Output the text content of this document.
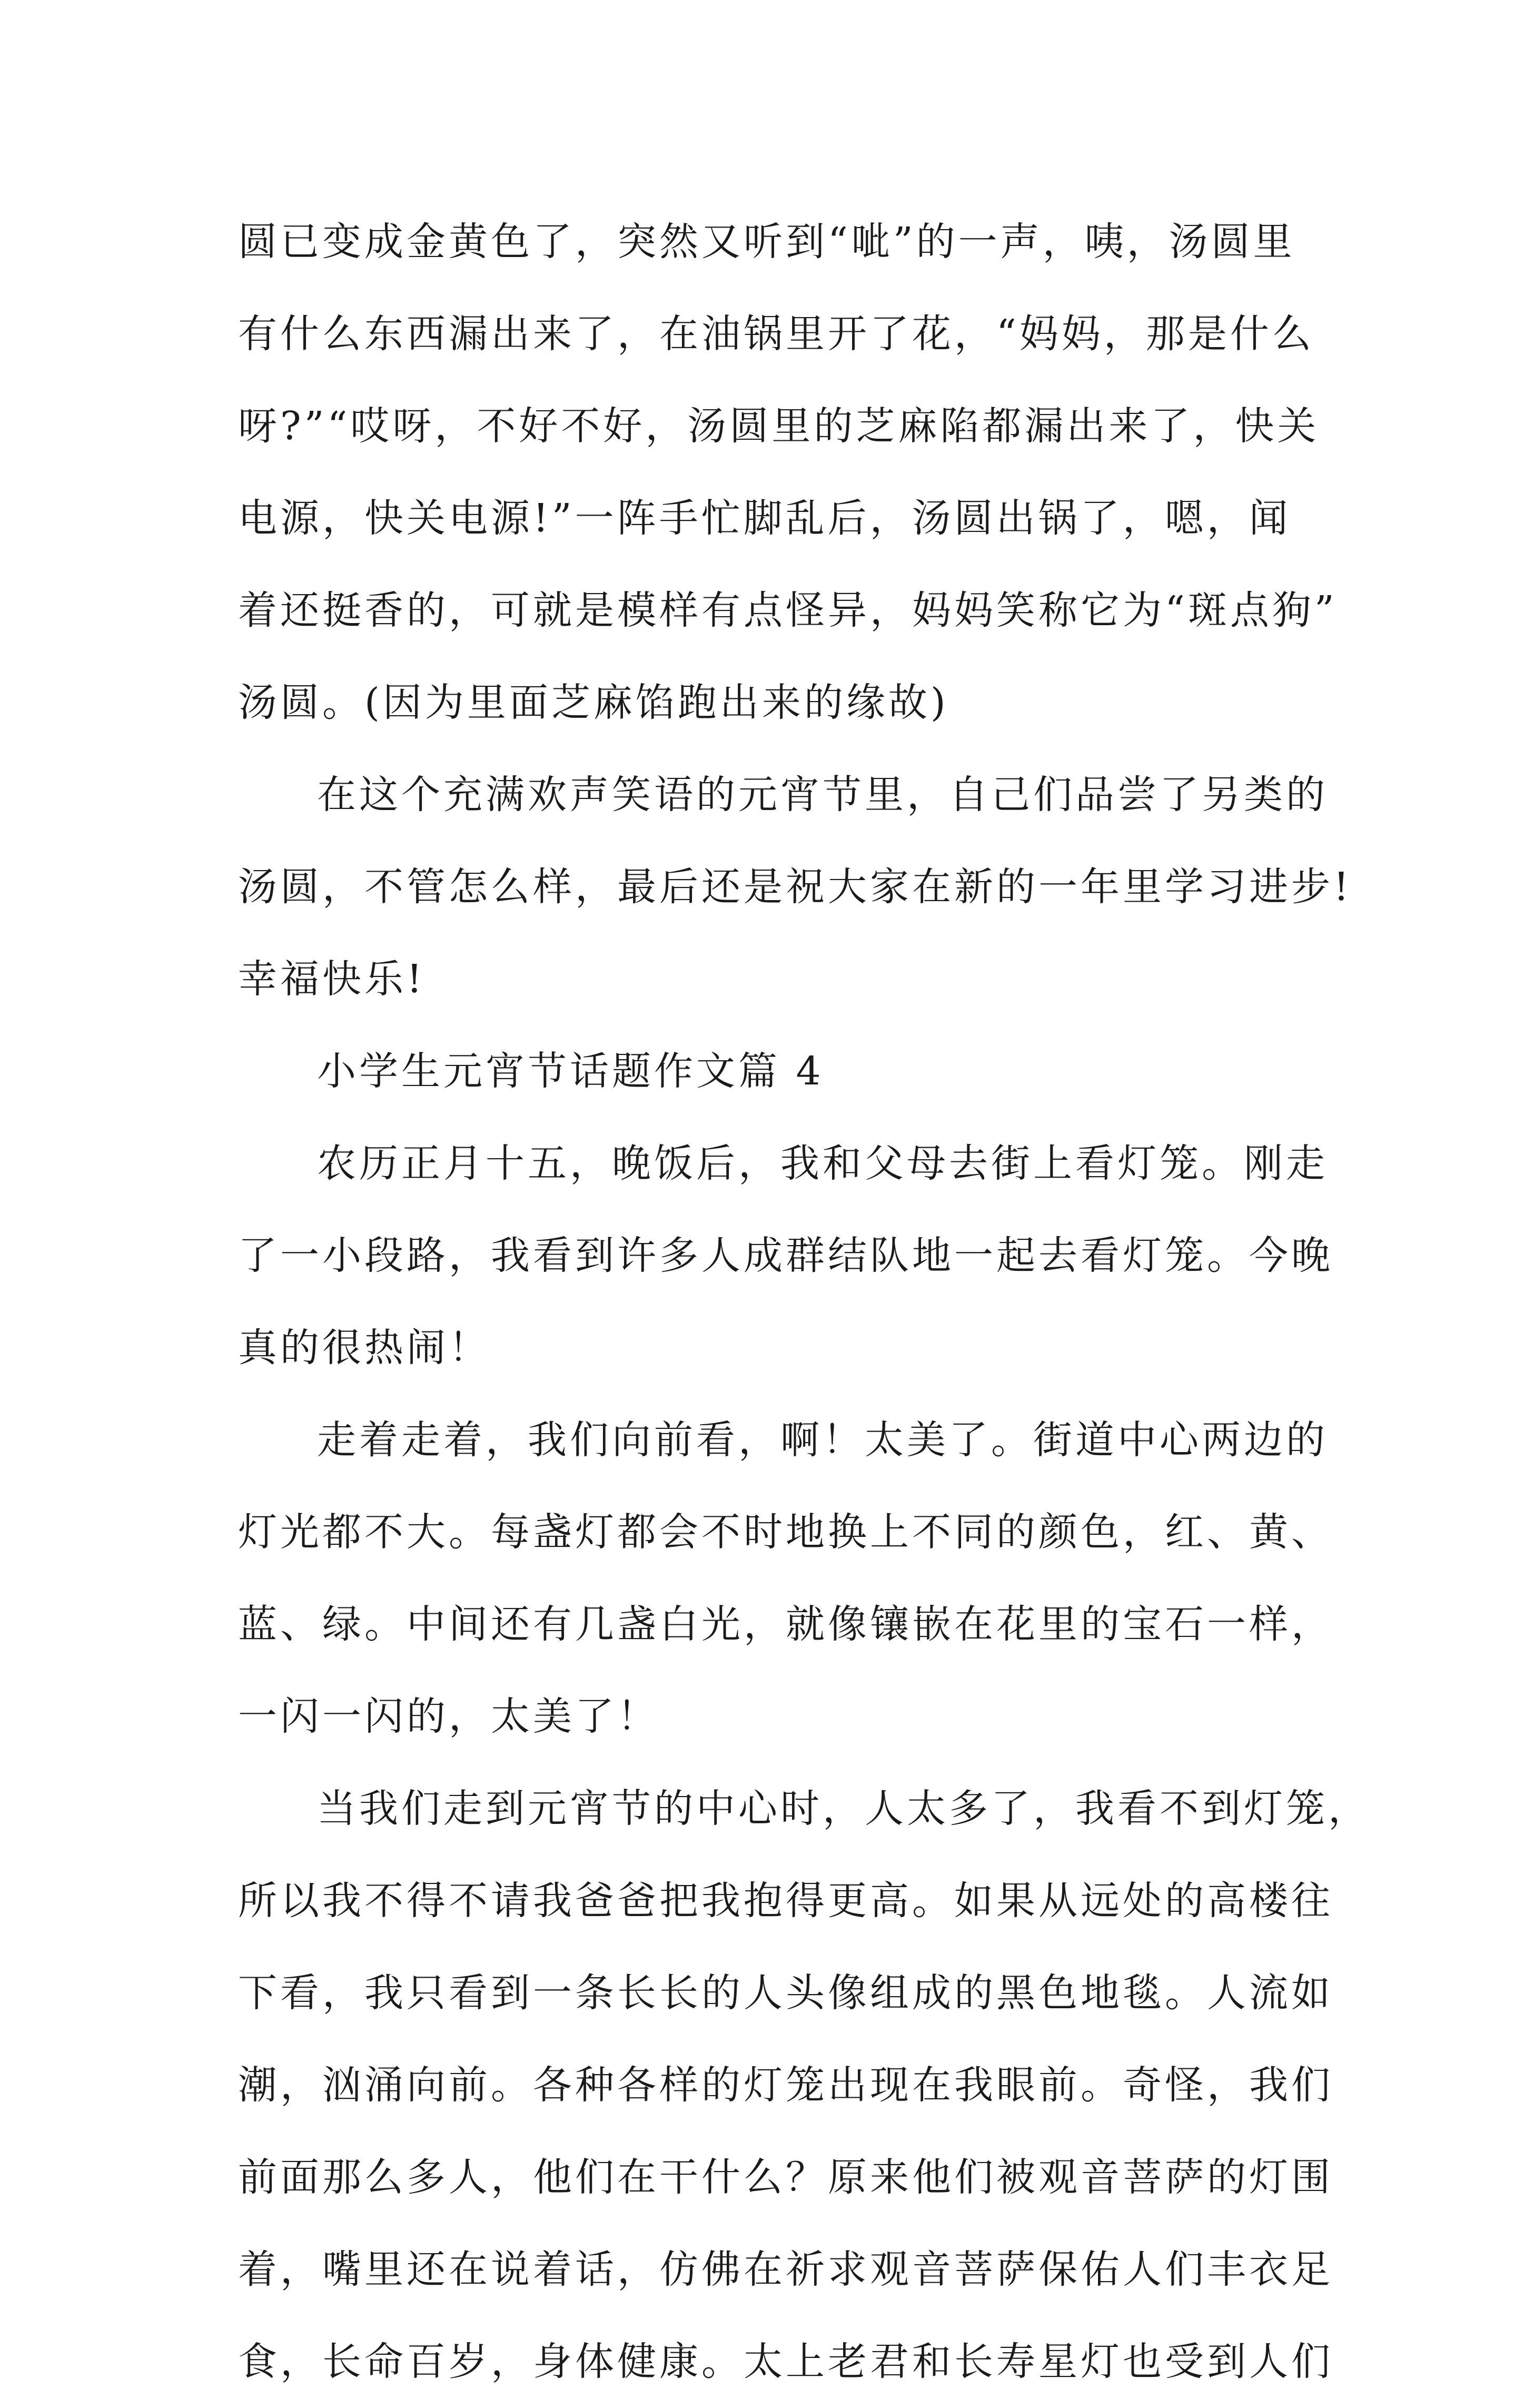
圆已变成金黄色了，突然又听到“呲”的一声，咦，汤圆里
有什么东西漏出来了，在油锅里开了花，“妈妈，那是什么
呀?”“哎呀，不好不好，汤圆里的芝麻陷都漏出来了，快关
电源，快关电源!”一阵手忙脚乱后，汤圆出锅了，嗯，闻
着还挺香的，可就是模样有点怪异，妈妈笑称它为“斑点狗”
汤圆。(因为里面芝麻馅跑出来的缘故)
在这个充满欢声笑语的元宵节里，自己们品尝了另类的
汤圆，不管怎么样，最后还是祝大家在新的一年里学习进步!
幸福快乐!
小学生元宵节话题作文篇 4
农历正月十五，晚饭后，我和父母去街上看灯笼。刚走
了一小段路，我看到许多人成群结队地一起去看灯笼。今晚
真的很热闹！
走着走着，我们向前看，啊！太美了。街道中心两边的
灯光都不大。每盏灯都会不时地换上不同的颜色，红、黄、
蓝、绿。中间还有几盏白光，就像镶嵌在花里的宝石一样，
一闪一闪的，太美了！
当我们走到元宵节的中心时，人太多了，我看不到灯笼，
所以我不得不请我爸爸把我抱得更高。如果从远处的高楼往
下看，我只看到一条长长的人头像组成的黑色地毯。人流如
潮，汹涌向前。各种各样的灯笼出现在我眼前。奇怪，我们
前面那么多人，他们在干什么？原来他们被观音菩萨的灯围
着，嘴里还在说着话，仿佛在祈求观音菩萨保佑人们丰衣足
食，长命百岁，身体健康。太上老君和长寿星灯也受到人们
